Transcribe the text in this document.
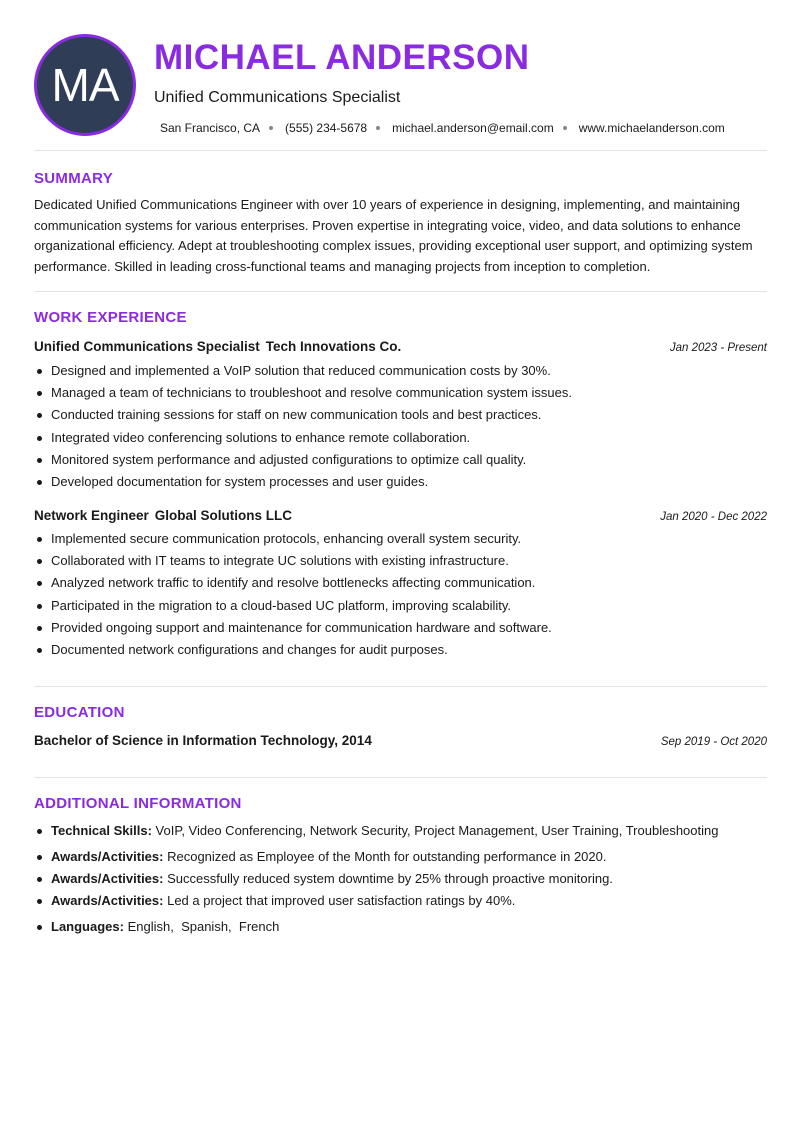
MA
MICHAEL ANDERSON
Unified Communications Specialist
San Francisco, CA (555) 234-5678 michael.anderson@email.com www.michaelanderson.com
SUMMARY
Dedicated Unified Communications Engineer with over 10 years of experience in designing, implementing, and maintaining communication systems for various enterprises. Proven expertise in integrating voice, video, and data solutions to enhance organizational efficiency. Adept at troubleshooting complex issues, providing exceptional user support, and optimizing system performance. Skilled in leading cross-functional teams and managing projects from inception to completion.
WORK EXPERIENCE
Unified Communications Specialist Tech Innovations Co.	Jan 2023 - Present
Designed and implemented a VoIP solution that reduced communication costs by 30%.
Managed a team of technicians to troubleshoot and resolve communication system issues.
Conducted training sessions for staff on new communication tools and best practices.
Integrated video conferencing solutions to enhance remote collaboration.
Monitored system performance and adjusted configurations to optimize call quality.
Developed documentation for system processes and user guides.
Network Engineer Global Solutions LLC	Jan 2020 - Dec 2022
Implemented secure communication protocols, enhancing overall system security.
Collaborated with IT teams to integrate UC solutions with existing infrastructure.
Analyzed network traffic to identify and resolve bottlenecks affecting communication.
Participated in the migration to a cloud-based UC platform, improving scalability.
Provided ongoing support and maintenance for communication hardware and software.
Documented network configurations and changes for audit purposes.
EDUCATION
Bachelor of Science in Information Technology, 2014	Sep 2019 - Oct 2020
ADDITIONAL INFORMATION
Technical Skills: VoIP, Video Conferencing, Network Security, Project Management, User Training, Troubleshooting
Awards/Activities: Recognized as Employee of the Month for outstanding performance in 2020.
Awards/Activities: Successfully reduced system downtime by 25% through proactive monitoring.
Awards/Activities: Led a project that improved user satisfaction ratings by 40%.
Languages: English,  Spanish,  French
